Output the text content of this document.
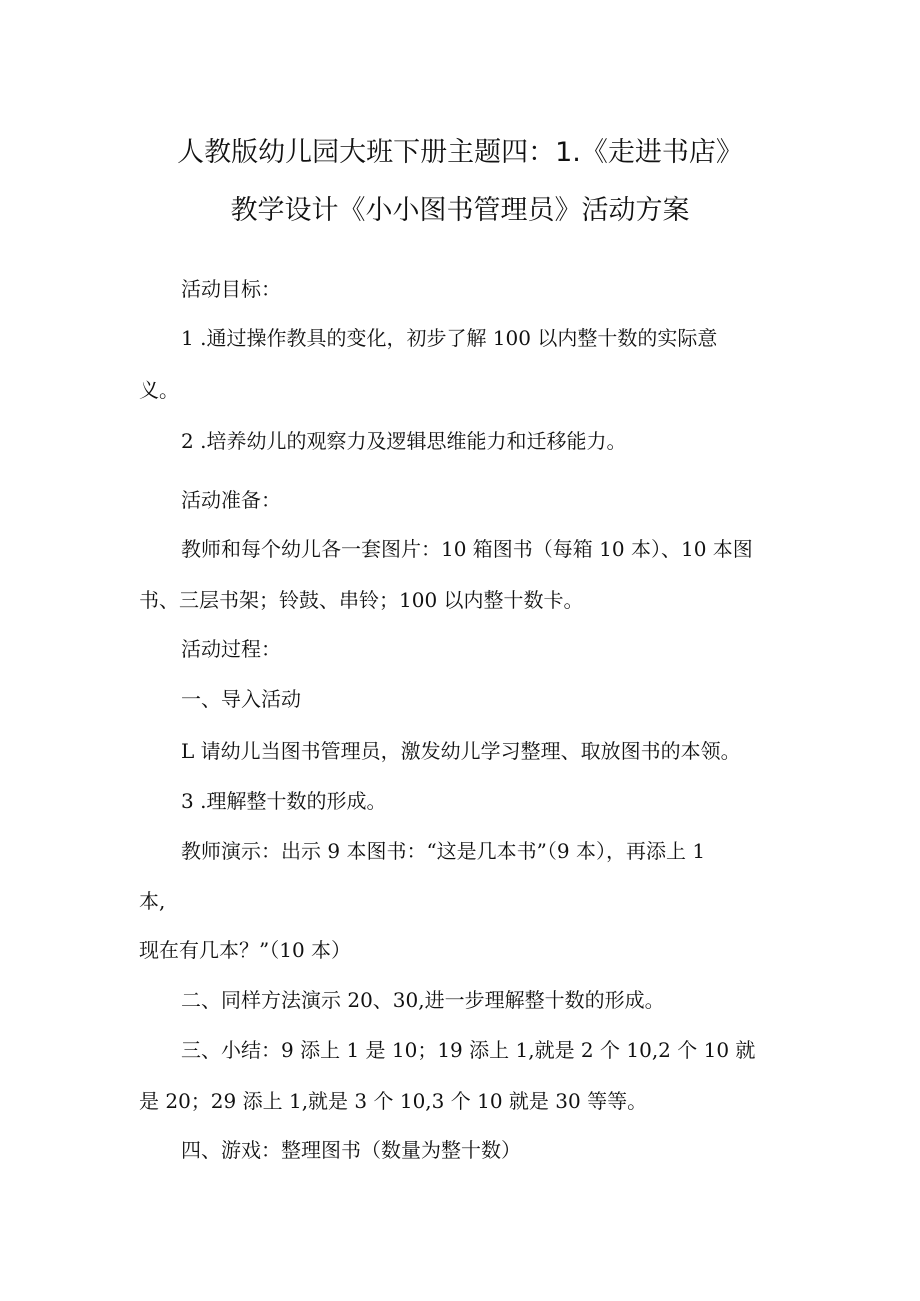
人教版幼儿园大班下册主题四：1.《走进书店》
教学设计《小小图书管理员》活动方案
活动目标：
1 .通过操作教具的变化，初步了解 100 以内整十数的实际意
义。
2 .培养幼儿的观察力及逻辑思维能力和迁移能力。
活动准备：
教师和每个幼儿各一套图片：10 箱图书（每箱 10 本）、10 本图
书、三层书架；铃鼓、串铃；100 以内整十数卡。
活动过程：
一、导入活动
L 请幼儿当图书管理员，激发幼儿学习整理、取放图书的本领。
3 .理解整十数的形成。
教师演示：出示 9 本图书：“这是几本书”（9 本），再添上 1
本,
现在有几本？”（10 本）
二、同样方法演示 20、30,进一步理解整十数的形成。
三、小结：9 添上 1 是 10；19 添上 1,就是 2 个 10,2 个 10 就
是 20；29 添上 1,就是 3 个 10,3 个 10 就是 30 等等。
四、游戏：整理图书（数量为整十数）
